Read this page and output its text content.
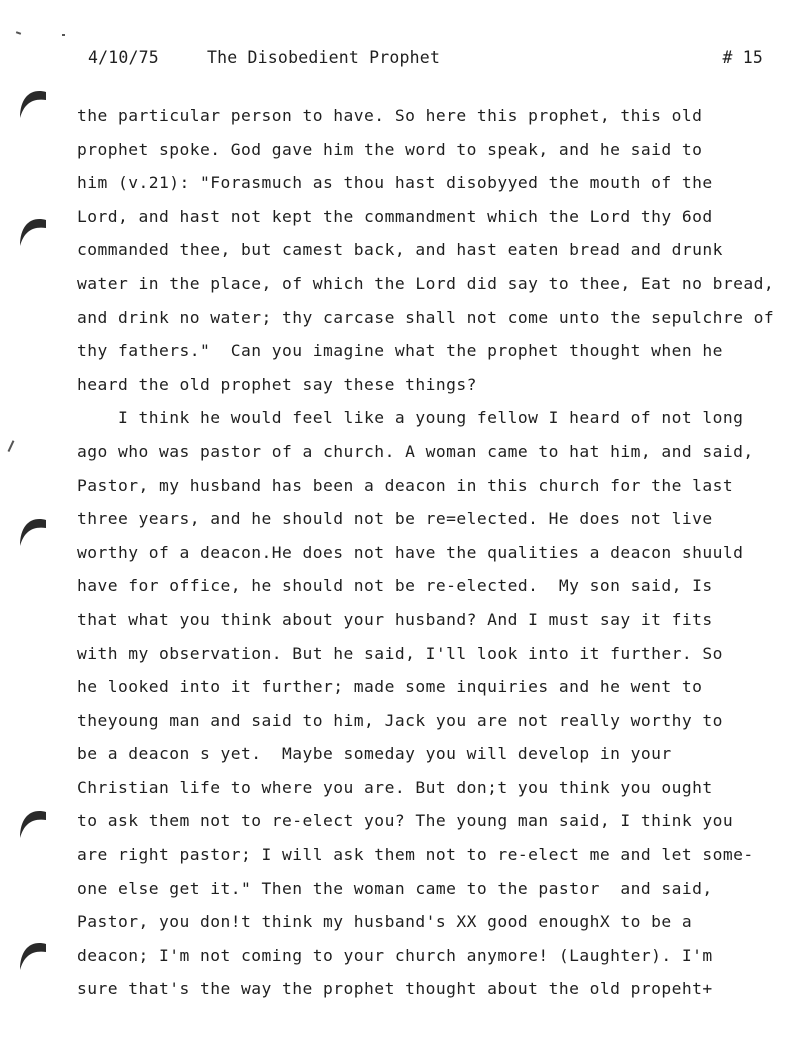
4/10/75	The Disobedient Prophet	# 15
the particular person to have. So here this prophet, this old
prophet spoke. God gave him the word to speak, and he said to
him (v.21): "Forasmuch as thou hast disobyyed the mouth of the
Lord, and hast not kept the commandment which the Lord thy 6od
commanded thee, but camest back, and hast eaten bread and drunk
water in the place, of which the Lord did say to thee, Eat no bread,
and drink no water; thy carcase shall not come unto the sepulchre of
thy fathers."  Can you imagine what the prophet thought when he
heard the old prophet say these things?
I think he would feel like a young fellow I heard of not long
ago who was pastor of a church. A woman came to hat him, and said,
Pastor, my husband has been a deacon in this church for the last
three years, and he should not be re=elected. He does not live
worthy of a deacon.He does not have the qualities a deacon shuuld
have for office, he should not be re-elected.  My son said, Is
that what you think about your husband? And I must say it fits
with my observation. But he said, I'll look into it further. So
he looked into it further; made some inquiries and he went to
theyoung man and said to him, Jack you are not really worthy to
be a deacon s yet.  Maybe someday you will develop in your
Christian life to where you are. But don;t you think you ought
to ask them not to re-elect you? The young man said, I think you
are right pastor; I will ask them not to re-elect me and let some-
one else get it." Then the woman came to the pastor  and said,
Pastor, you don!t think my husband's XX good enoughX to be a
deacon; I'm not coming to your church anymore! (Laughter). I'm
sure that's the way the prophet thought about the old propeht+
